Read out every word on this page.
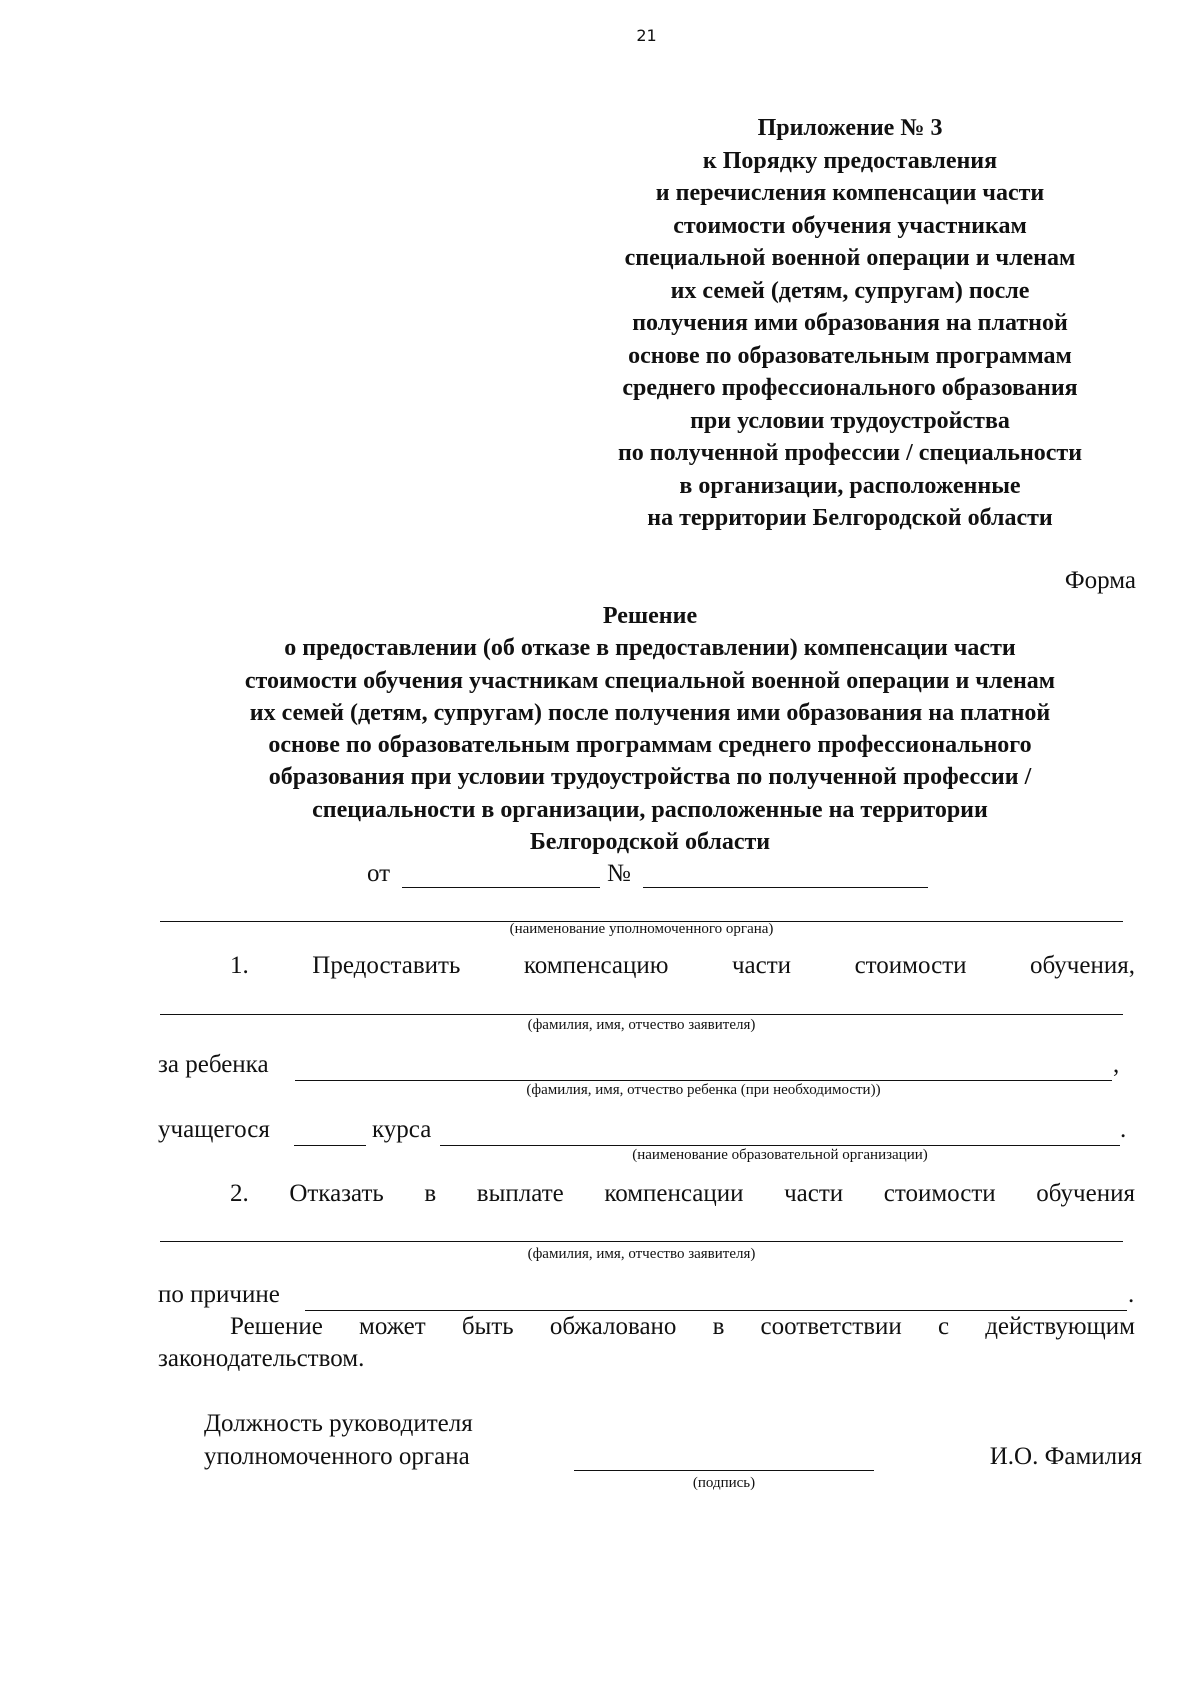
21
Приложение № 3
к Порядку предоставления
и перечисления компенсации части
стоимости обучения участникам
специальной военной операции и членам
их семей (детям, супругам) после
получения ими образования на платной
основе по образовательным программам
среднего профессионального образования
при условии трудоустройства
по полученной профессии / специальности
в организации, расположенные
на территории Белгородской области
Форма
Решение
о предоставлении (об отказе в предоставлении) компенсации части
стоимости обучения участникам специальной военной операции и членам
их семей (детям, супругам) после получения ими образования на платной
основе по образовательным программам среднего профессионального
образования при условии трудоустройства по полученной профессии /
специальности в организации, расположенные на территории
Белгородской области
от	№
(наименование уполномоченного органа)
1.	Предоставить	компенсацию	части	стоимости	обучения,
(фамилия, имя, отчество заявителя)
за ребенка	,
(фамилия, имя, отчество ребенка (при необходимости))
учащегося	курса	.
(наименование образовательной организации)
2. Отказать в выплате компенсации части стоимости обучения
(фамилия, имя, отчество заявителя)
по причине	.
Решение может быть обжаловано в соответствии с действующим
законодательством.
Должность руководителя
уполномоченного органа
(подпись)
И.О. Фамилия
